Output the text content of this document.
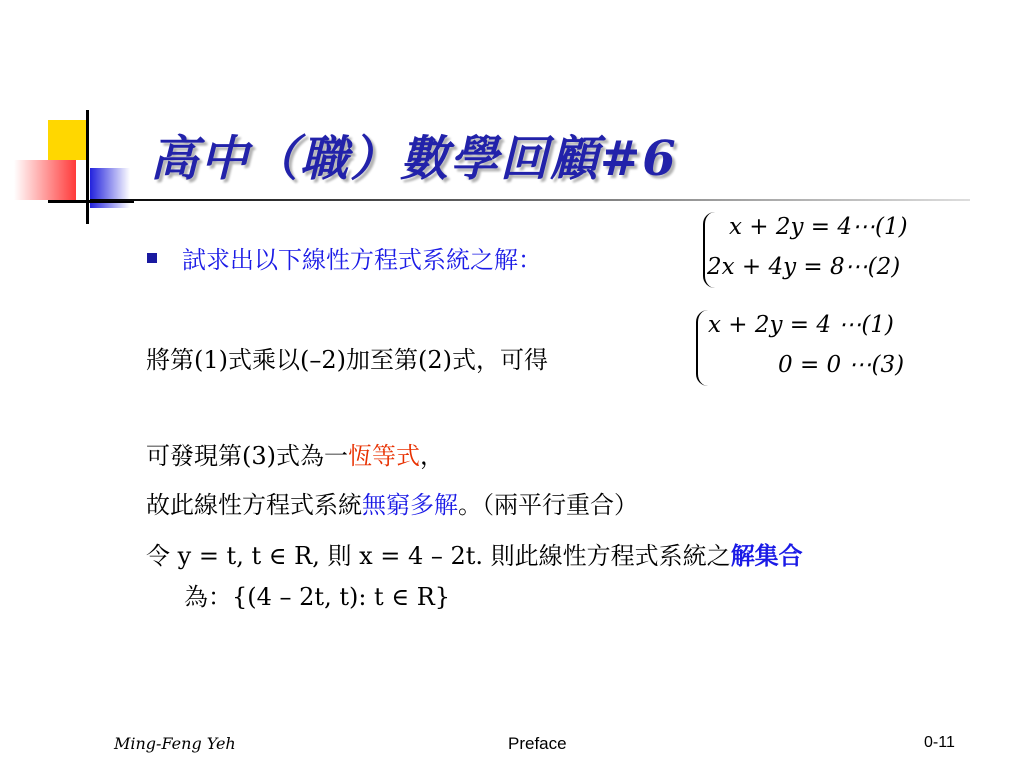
高中（職）數學回顧#6
試求出以下線性方程式系統之解：
x + 2y = 4⋯(1)
2x + 4y = 8⋯(2)
將第(1)式乘以(–2)加至第(2)式，可得
x + 2y = 4 ⋯(1)
0 = 0 ⋯(3)
可發現第(3)式為一恆等式，
故此線性方程式系統無窮多解。（兩平行重合）
令 y = t, t ∈ R, 則 x = 4 – 2t. 則此線性方程式系統之解集合
為：{(4 – 2t, t): t ∈ R}
Ming-Feng Yeh	Preface	0-11
